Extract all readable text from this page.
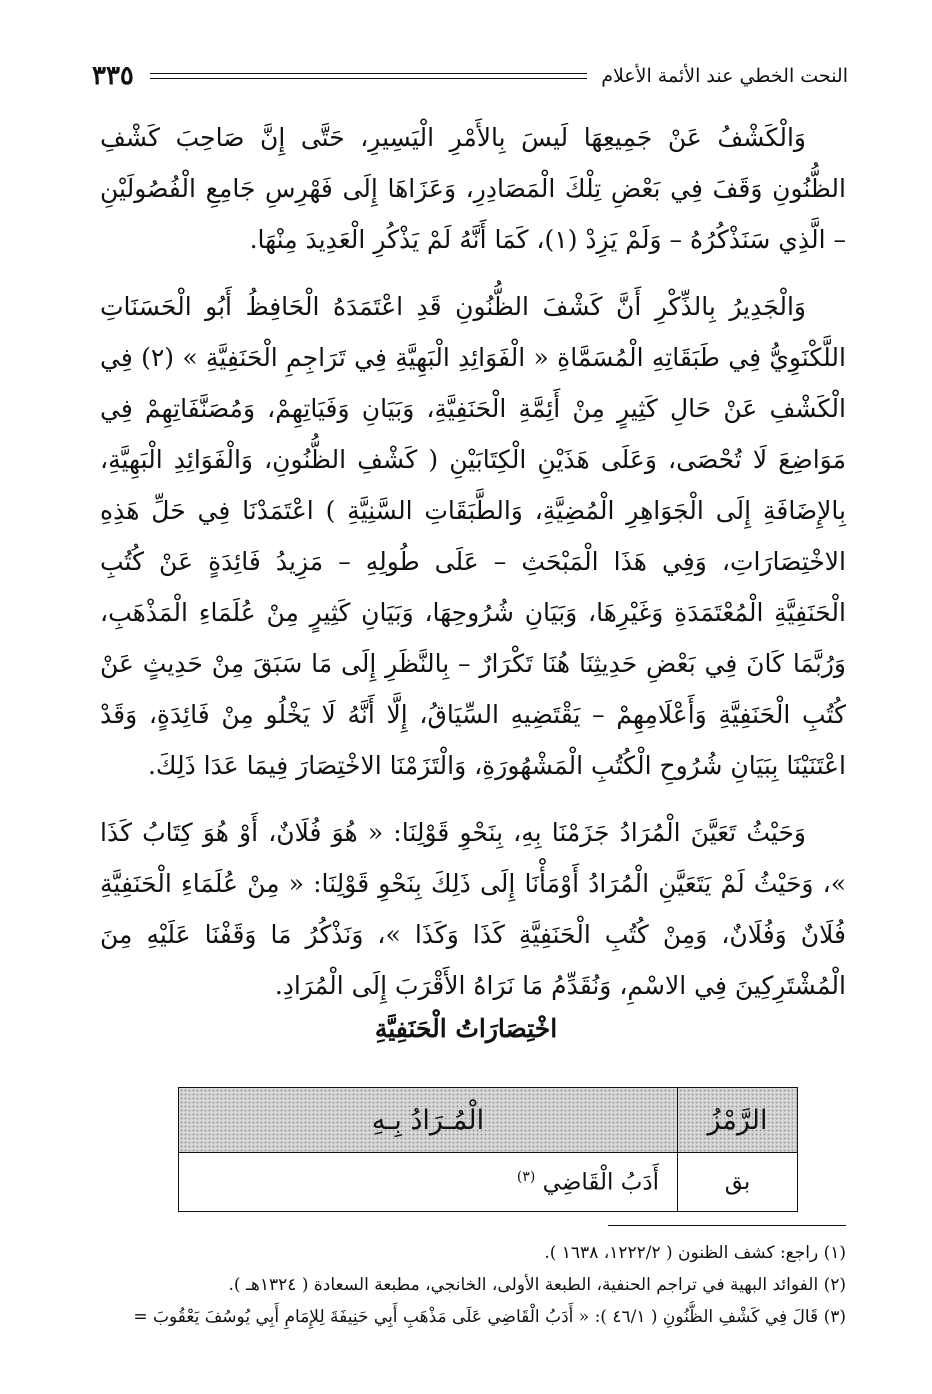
النحت الخطي عند الأئمة الأعلام
٣٣٥

وَالْكَشْفُ عَنْ جَمِيعِهَا لَيسَ بِالأَمْرِ الْيَسِيرِ، حَتَّى إِنَّ صَاحِبَ كَشْفِ الظُّنُونِ وَقَفَ فِي بَعْضِ تِلْكَ الْمَصَادِرِ، وَعَزَاهَا إِلَى فَهْرِسِ جَامِعِ الْفُصُولَيْنِ – الَّذِي سَنَذْكُرُهُ – وَلَمْ يَزِدْ (١)، كَمَا أَنَّهُ لَمْ يَذْكُرِ الْعَدِيدَ مِنْهَا.

وَالْجَدِيرُ بِالذِّكْرِ أَنَّ كَشْفَ الظُّنُونِ قَدِ اعْتَمَدَهُ الْحَافِظُ أَبُو الْحَسَنَاتِ اللَّكْنَوِيُّ فِي طَبَقَاتِهِ الْمُسَمَّاةِ « الْفَوَائِدِ الْبَهِيَّةِ فِي تَرَاجِمِ الْحَنَفِيَّةِ » (٢) فِي الْكَشْفِ عَنْ حَالِ كَثِيرٍ مِنْ أَئِمَّةِ الْحَنَفِيَّةِ، وَبَيَانِ وَفَيَاتِهِمْ، وَمُصَنَّفَاتِهِمْ فِي مَوَاضِعَ لَا تُحْصَى، وَعَلَى هَذَيْنِ الْكِتَابَيْنِ ( كَشْفِ الظُّنُونِ، وَالْفَوَائِدِ الْبَهِيَّةِ، بِالإِضَافَةِ إِلَى الْجَوَاهِرِ الْمُضِيَّةِ، وَالطَّبَقَاتِ السَّنِيَّةِ ) اعْتَمَدْنَا فِي حَلِّ هَذِهِ الاخْتِصَارَاتِ، وَفِي هَذَا الْمَبْحَثِ – عَلَى طُولِهِ – مَزِيدُ فَائِدَةٍ عَنْ كُتُبِ الْحَنَفِيَّةِ الْمُعْتَمَدَةِ وَغَيْرِهَا، وَبَيَانِ شُرُوحِهَا، وَبَيَانِ كَثِيرٍ مِنْ عُلَمَاءِ الْمَذْهَبِ، وَرُبَّمَا كَانَ فِي بَعْضِ حَدِيثِنَا هُنَا تَكْرَارٌ – بِالنَّظَرِ إِلَى مَا سَبَقَ مِنْ حَدِيثٍ عَنْ كُتُبِ الْحَنَفِيَّةِ وَأَعْلَامِهِمْ – يَقْتَضِيهِ السِّيَاقُ، إِلَّا أَنَّهُ لَا يَخْلُو مِنْ فَائِدَةٍ، وَقَدْ اعْتَنَيْنَا بِبَيَانِ شُرُوحِ الْكُتُبِ الْمَشْهُورَةِ، وَالْتَزَمْنَا الاخْتِصَارَ فِيمَا عَدَا ذَلِكَ.

وَحَيْثُ تَعَيَّنَ الْمُرَادُ جَزَمْنَا بِهِ، بِنَحْوِ قَوْلِنَا: « هُوَ فُلَانٌ، أَوْ هُوَ كِتَابُ كَذَا »، وَحَيْثُ لَمْ يَتَعَيَّنِ الْمُرَادُ أَوْمَأْنَا إِلَى ذَلِكَ بِنَحْوِ قَوْلِنَا: « مِنْ عُلَمَاءِ الْحَنَفِيَّةِ فُلَانٌ وَفُلَانٌ، وَمِنْ كُتُبِ الْحَنَفِيَّةِ كَذَا وَكَذَا »، وَنَذْكُرُ مَا وَقَفْنَا عَلَيْهِ مِنَ الْمُشْتَرِكِينَ فِي الاسْمِ، وَنُقَدِّمُ مَا نَرَاهُ الأَقْرَبَ إِلَى الْمُرَادِ.

اخْتِصَارَاتُ الْحَنَفِيَّةِ
الرَّمْزُ	الْمُـرَادُ بِـهِ
بق	أَدَبُ الْقَاضِي $^{(٣)}$
(١) راجع: كشف الظنون ( ١٢٢٢/٢، ١٦٣٨ ).
(٢) الفوائد البهية في تراجم الحنفية، الطبعة الأولى، الخانجي، مطبعة السعادة ( ١٣٢٤هـ ).
(٣) قَالَ فِي كَشْفِ الظُّنُونِ ( ٤٦/١ ): « أَدَبُ الْقَاضِي عَلَى مَذْهَبِ أَبِي حَنِيفَةَ لِلإِمَامِ أَبِي يُوسُفَ يَعْقُوبَ =
